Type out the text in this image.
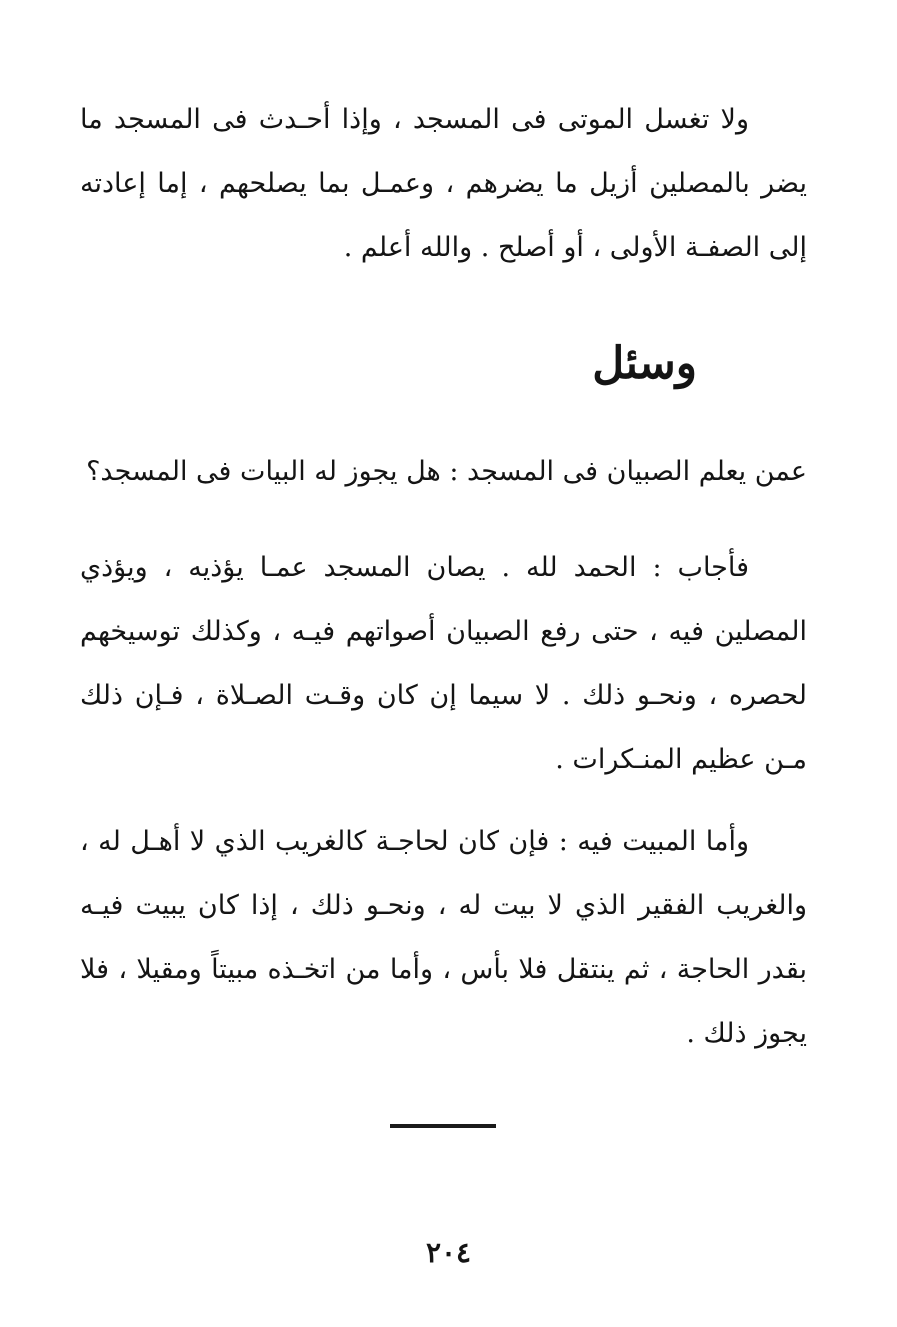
ولا تغسل الموتى فى المسجد ، وإذا أحـدث فى المسجد ما يضر بالمصلين أزيل ما يضرهم ، وعمـل بما يصلحهم ، إما إعادته إلى الصفـة الأولى ، أو أصلح . والله أعلم .

وسئل

عمن يعلم الصبيان فى المسجد : هل يجوز له البيات فى المسجد؟

فأجاب : الحمد لله . يصان المسجد عمـا يؤذيه ، ويؤذي المصلين فيه ، حتى رفع الصبيان أصواتهم فيـه ، وكذلك توسيخهم لحصره ، ونحـو ذلك . لا سيما إن كان وقـت الصـلاة ، فـإن ذلك مـن عظيم المنـكرات .

وأما المبيت فيه : فإن كان لحاجـة كالغريب الذي لا أهـل له ، والغريب الفقير الذي لا بيت له ، ونحـو ذلك ، إذا كان يبيت فيـه بقدر الحاجة ، ثم ينتقل فلا بأس ، وأما من اتخـذه مبيتاً ومقيلا ، فلا يجوز ذلك .

٢٠٤
